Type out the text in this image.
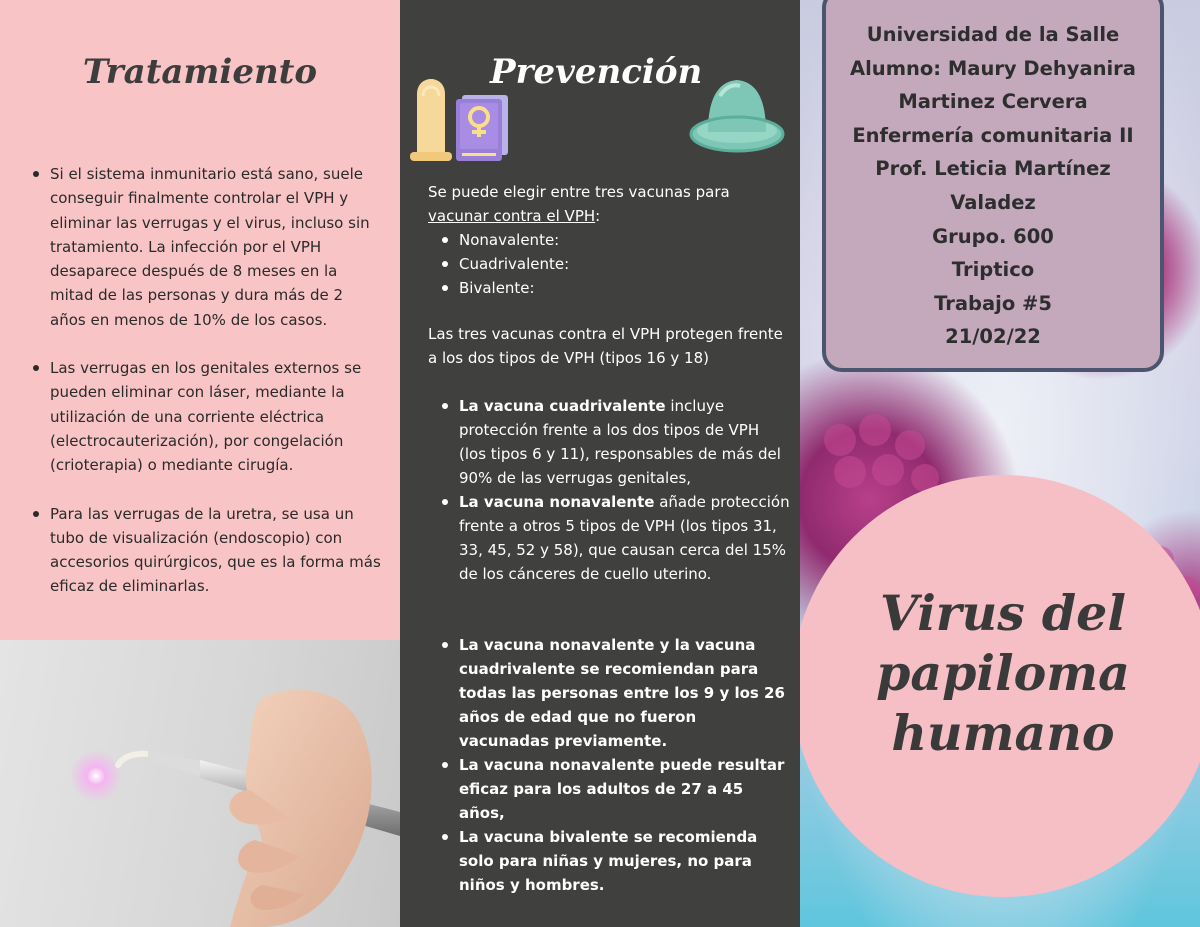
Tratamiento
Si el sistema inmunitario está sano, suele conseguir finalmente controlar el VPH y eliminar las verrugas y el virus, incluso sin tratamiento. La infección por el VPH desaparece después de 8 meses en la mitad de las personas y dura más de 2 años en menos de 10% de los casos.
Las verrugas en los genitales externos se pueden eliminar con láser, mediante la utilización de una corriente eléctrica (electrocauterización), por congelación (crioterapia) o mediante cirugía.
Para las verrugas de la uretra, se usa un tubo de visualización (endoscopio) con accesorios quirúrgicos, que es la forma más eficaz de eliminarlas.
Prevención

Se puede elegir entre tres vacunas para vacunar contra el VPH:

Nonavalente:
Cuadrivalente:
Bivalente:

Las tres vacunas contra el VPH protegen frente a los dos tipos de VPH (tipos 16 y 18)

La vacuna cuadrivalente incluye protección frente a los dos tipos de VPH (los tipos 6 y 11), responsables de más del 90% de las verrugas genitales,
La vacuna nonavalente añade protección frente a otros 5 tipos de VPH (los tipos 31, 33, 45, 52 y 58), que causan cerca del 15% de los cánceres de cuello uterino.
La vacuna nonavalente y la vacuna cuadrivalente se recomiendan para todas las personas entre los 9 y los 26 años de edad que no fueron vacunadas previamente.
La vacuna nonavalente puede resultar eficaz para los adultos de 27 a 45 años,
La vacuna bivalente se recomienda solo para niñas y mujeres, no para niños y hombres.
Universidad de la Salle
Alumno: Maury Dehyanira
Martinez Cervera
Enfermería comunitaria II
Prof. Leticia Martínez
Valadez
Grupo. 600
Triptico
Trabajo #5
21/02/22
Virus del
papiloma
humano
